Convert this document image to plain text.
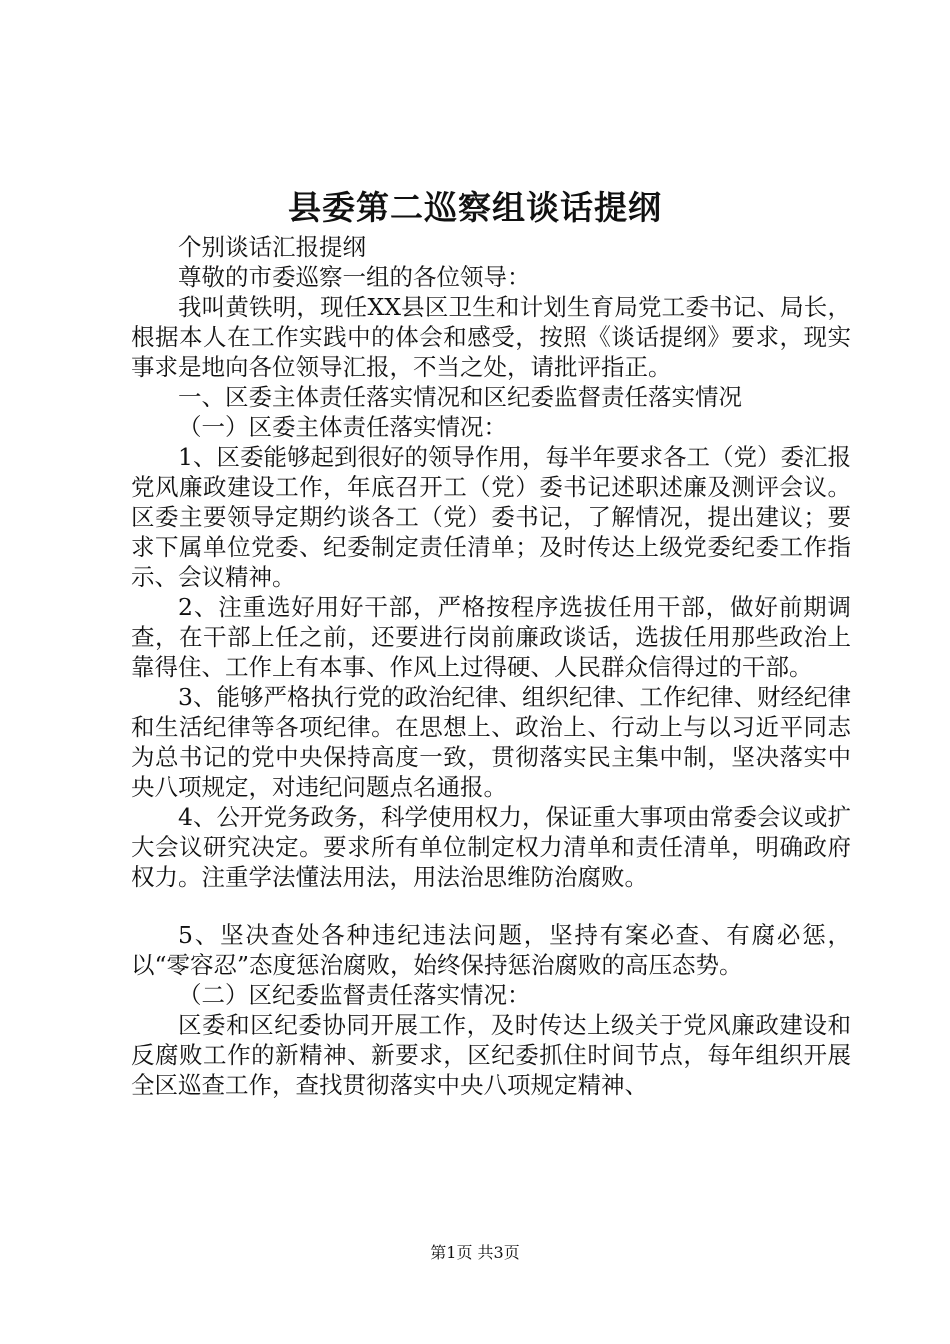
县委第二巡察组谈话提纲

个别谈话汇报提纲

尊敬的市委巡察一组的各位领导：

我叫黄铁明，现任XX县区卫生和计划生育局党工委书记、局长，根据本人在工作实践中的体会和感受，按照《谈话提纲》要求，现实事求是地向各位领导汇报，不当之处，请批评指正。

一、区委主体责任落实情况和区纪委监督责任落实情况

（一）区委主体责任落实情况：

1、区委能够起到很好的领导作用，每半年要求各工（党）委汇报党风廉政建设工作，年底召开工（党）委书记述职述廉及测评会议。区委主要领导定期约谈各工（党）委书记，了解情况，提出建议；要求下属单位党委、纪委制定责任清单；及时传达上级党委纪委工作指示、会议精神。

2、注重选好用好干部，严格按程序选拔任用干部，做好前期调查，在干部上任之前，还要进行岗前廉政谈话，选拔任用那些政治上靠得住、工作上有本事、作风上过得硬、人民群众信得过的干部。

3、能够严格执行党的政治纪律、组织纪律、工作纪律、财经纪律和生活纪律等各项纪律。在思想上、政治上、行动上与以习近平同志为总书记的党中央保持高度一致，贯彻落实民主集中制，坚决落实中央八项规定，对违纪问题点名通报。

4、公开党务政务，科学使用权力，保证重大事项由常委会议或扩大会议研究决定。要求所有单位制定权力清单和责任清单，明确政府权力。注重学法懂法用法，用法治思维防治腐败。

5、坚决查处各种违纪违法问题，坚持有案必查、有腐必惩，以“零容忍”态度惩治腐败，始终保持惩治腐败的高压态势。

（二）区纪委监督责任落实情况：

区委和区纪委协同开展工作，及时传达上级关于党风廉政建设和反腐败工作的新精神、新要求，区纪委抓住时间节点，每年组织开展全区巡查工作，查找贯彻落实中央八项规定精神、

第1页 共3页
